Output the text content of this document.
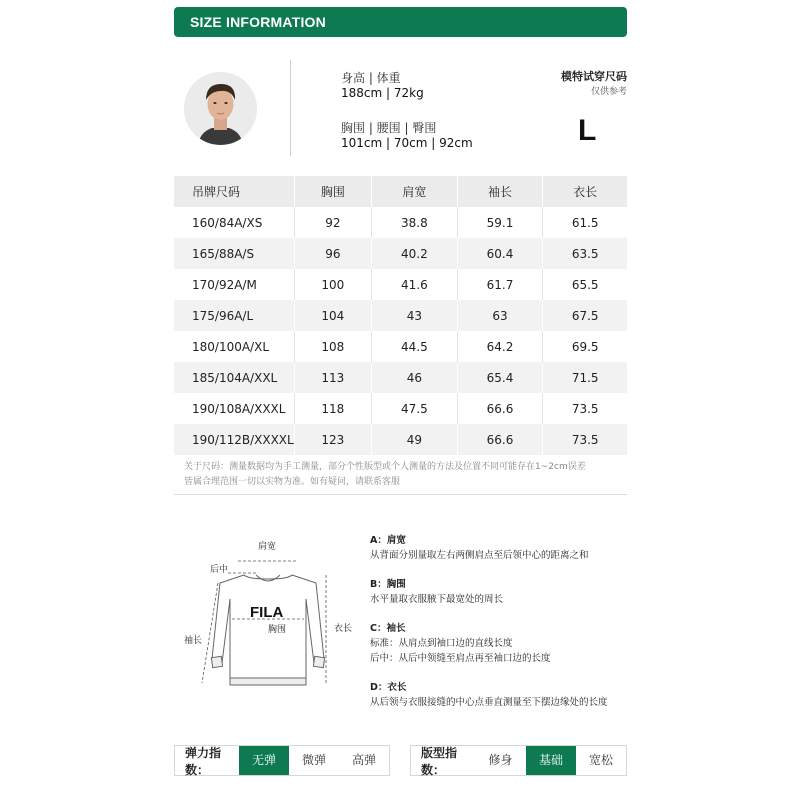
SIZE INFORMATION
身高 | 体重
188cm | 72kg
胸围 | 腰围 | 臀围
101cm | 70cm | 92cm
模特试穿尺码
仅供参考
L
吊牌尺码	胸围	肩宽	袖长	衣长
160/84A/XS	92	38.8	59.1	61.5
165/88A/S	96	40.2	60.4	63.5
170/92A/M	100	41.6	61.7	65.5
175/96A/L	104	43	63	67.5
180/100A/XL	108	44.5	64.2	69.5
185/104A/XXL	113	46	65.4	71.5
190/108A/XXXL	118	47.5	66.6	73.5
190/112B/XXXXL	123	49	66.6	73.5
关于尺码：测量数据均为手工测量，部分个性版型或个人测量的方法及位置不同可能存在1~2cm误差
皆属合理范围一切以实物为准。如有疑问，请联系客服
FILA
肩宽
后中
胸围
袖长
衣长
A：肩宽
从背面分别量取左右两侧肩点至后领中心的距离之和
B：胸围
水平量取衣服腋下最宽处的周长
C：袖长
标准：从肩点到袖口边的直线长度
后中：从后中领缝至肩点再至袖口边的长度
D：衣长
从后领与衣服接缝的中心点垂直测量至下摆边缘处的长度
弹力指数：
无弹	微弹	高弹
版型指数：
修身	基础	宽松
